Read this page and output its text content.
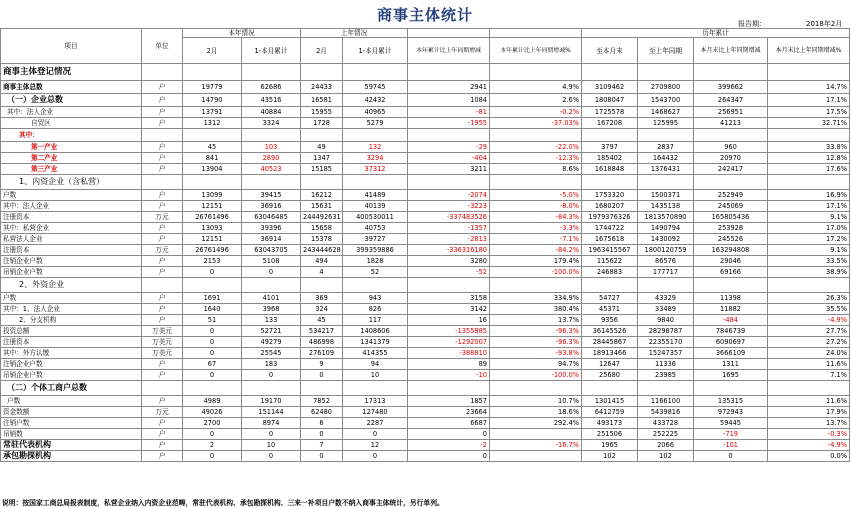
商事主体统计	报告期：	2018年2月
项目	单位	本年情况		上年情况				历年累计			
		2月	1-本月累计	2月	1-本月累计	本年累计比上年同期增减	本年累计比上年同期增减%	至本月末	至上年同期	本月末比上年同期增减	本月末比上年同期增减%
商事主体登记情况											
商事主体总数	户	19779	62686	24433	59745	2941	4.9%	3109462	2709800	399662	14.7%
（一）企业总数	户	14790	43516	16581	42432	1084	2.6%	1808047	1543700	264347	17.1%
其中：法人企业	户	13791	40884	15955	40965	-81	-0.2%	1725578	1468627	256951	17.5%
自贸区	户	1312	3324	1728	5279	-1955	-37.03%	167208	125995	41213	32.71%
其中：											
第一产业	户	45	103	49	132	-29	-22.0%	3797	2837	960	33.8%
第二产业	户	841	2890	1347	3294	-404	-12.3%	185402	164432	20970	12.8%
第三产业	户	13904	40523	15185	37312	3211	8.6%	1618848	1376431	242417	17.6%
1、内资企业（含私营）											
户数	户	13099	39415	16212	41489	-2074	-5.0%	1753320	1500371	252949	16.9%
其中：法人企业	户	12151	36916	15631	40139	-3223	-8.0%	1680207	1435138	245069	17.1%
注册资本	万元	26761496	63046485	244492631	400530011	-337483526	-84.3%	1979376326	1813570890	165805436	9.1%
其中：私营企业	户	13093	39396	15658	40753	-1357	-3.3%	1744722	1490794	253928	17.0%
私营法人企业	户	12151	36914	15378	39727	-2813	-7.1%	1675618	1430092	245526	17.2%
注册资本	万元	26761496	63043705	243444628	399359886	-336316180	-84.2%	1963415567	1800120759	163294808	9.1%
注销企业户数	户	2153	5108	494	1828	3280	179.4%	115622	86576	29046	33.5%
吊销企业户数	户	0	0	4	52	-52	-100.0%	246883	177717	69166	38.9%
2、外资企业											
户数	户	1691	4101	369	943	3158	334.9%	54727	43329	11398	26.3%
其中：1、法人企业	户	1640	3968	324	826	3142	380.4%	45371	33489	11882	35.5%
2、分支机构	户	51	133	45	117	16	13.7%	9356	9840	-484	-4.9%
投资总额	万美元	0	52721	534217	1408606	-1355885	-96.3%	36145526	28298787	7846739	27.7%
注册资本	万美元	0	49279	486998	1341379	-1292007	-96.3%	28445867	22355170	6090697	27.2%
其中：外方认缴	万美元	0	25545	276109	414355	-388810	-93.8%	18913466	15247357	3666109	24.0%
注销企业户数	户	67	183	9	94	89	94.7%	12647	11336	1311	11.6%
吊销企业户数	户	0	0	0	10	-10	-100.0%	25680	23985	1695	7.1%
（二）个体工商户总数											
户数	户	4989	19170	7852	17313	1857	10.7%	1301415	1166100	135315	11.6%
资金数额	万元	49026	151144	62480	127480	23664	18.6%	6412759	5439816	972943	17.9%
注销户数	户	2700	8974	6	2287	6687	292.4%	493173	433728	59445	13.7%
吊销数	户	0	0	0	0	0		251506	252225	-719	-0.3%
常驻代表机构	户	2	10	7	12	-2	-16.7%	1965	2066	-101	-4.9%
承包勘探机构	户	0	0	0	0	0		102	102	0	0.0%
说明：按国家工商总局报表制度，私营企业纳入内资企业范畴，常驻代表机构、承包勘探机构、三来一补项目户数不纳入商事主体统计，另行单列。
